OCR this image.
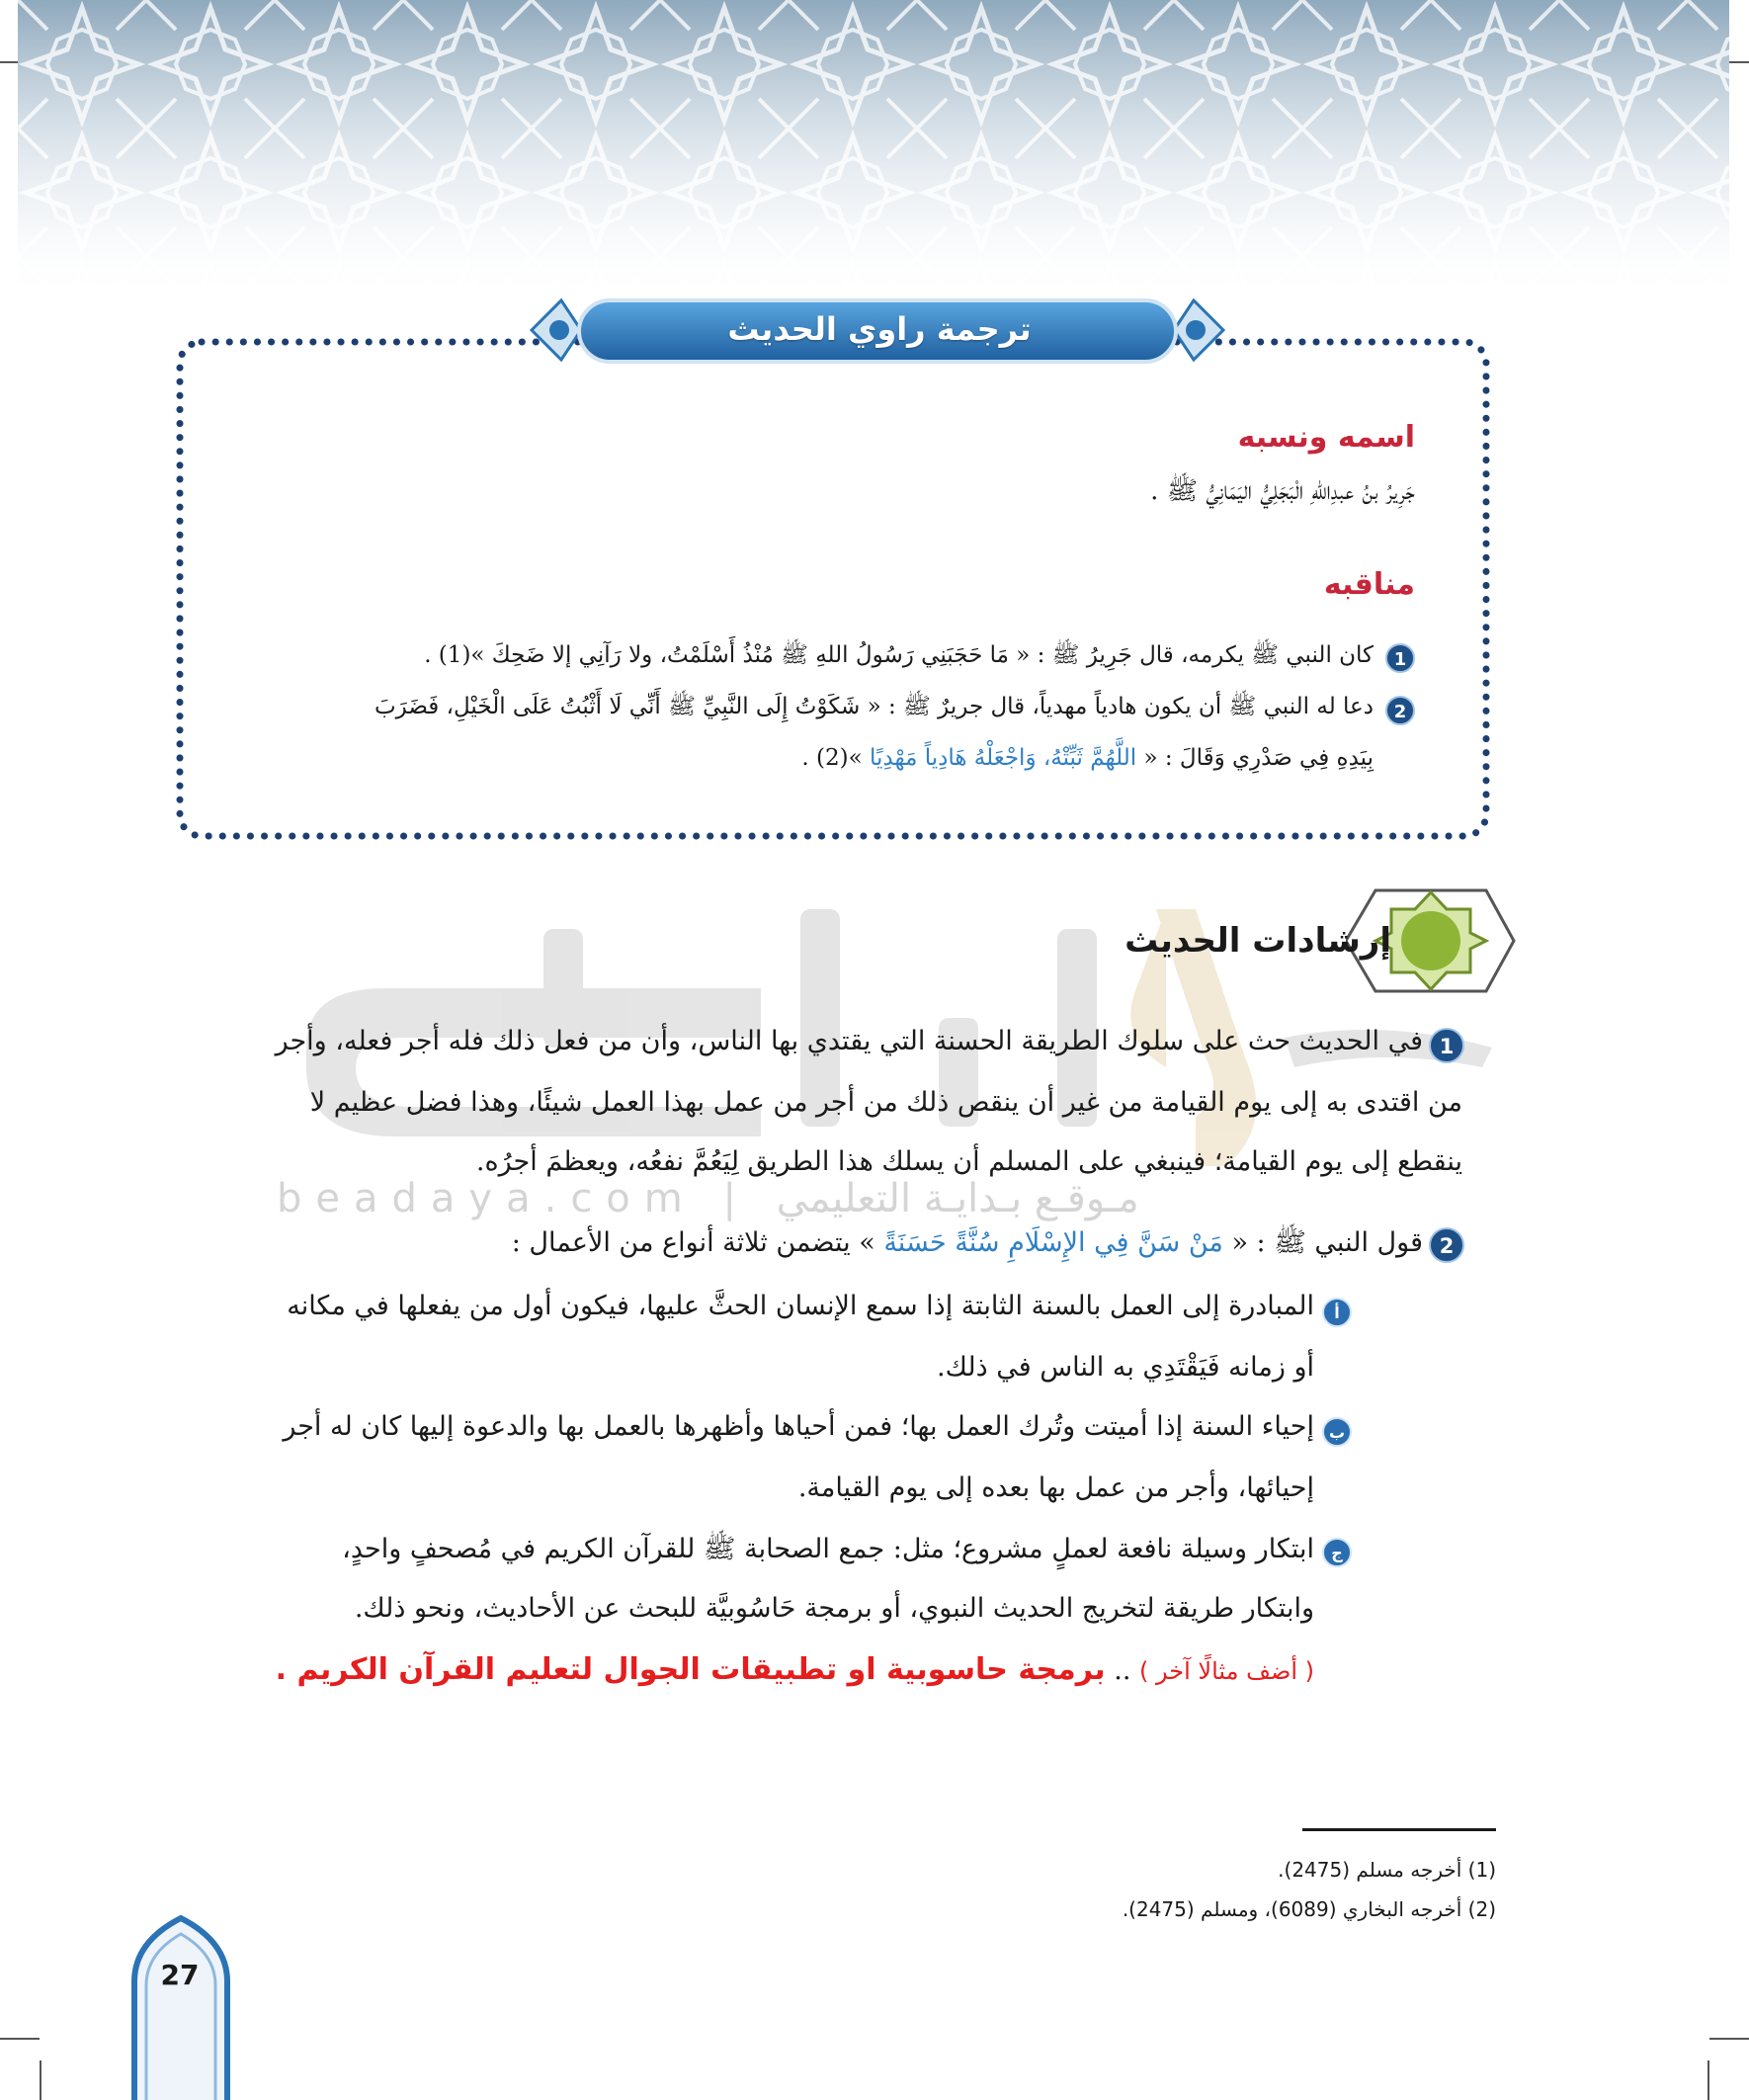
ترجمة راوي الحديث
اسمه ونسبه
جَرِيرُ بنُ عبدِاللهِ الْبَجَلِيُّ اليَمَانِيُّ ﷺ .
مناقبه
1
كان النبي ﷺ يكرمه، قال جَرِيرُ ﷺ : « مَا حَجَبَنِي رَسُولُ اللهِ ﷺ مُنْذُ أَسْلَمْتُ، ولا رَآنِي إلا ضَحِكَ »(1) .
2
دعا له النبي ﷺ أن يكون هادياً مهدياً، قال جريرٌ ﷺ : « شَكَوْتُ إِلَى النَّبِيِّ ﷺ أَنِّي لَا أَثْبُتُ عَلَى الْخَيْلِ، فَضَرَبَ
بِيَدِهِ فِي صَدْرِي وَقَالَ : « اللَّهُمَّ ثَبِّتْهُ، وَاجْعَلْهُ هَادِياً مَهْدِيًا »(2) .
beadaya.com | مـوقـع بـدايـة التعليمي
إرشادات الحديث
1
في الحديث حث على سلوك الطريقة الحسنة التي يقتدي بها الناس، وأن من فعل ذلك فله أجر فعله، وأجر
من اقتدى به إلى يوم القيامة من غير أن ينقص ذلك من أجر من عمل بهذا العمل شيئًا، وهذا فضل عظيم لا
ينقطع إلى يوم القيامة؛ فينبغي على المسلم أن يسلك هذا الطريق لِيَعُمَّ نفعُه، ويعظمَ أجرُه.
2
قول النبي ﷺ : « مَنْ سَنَّ فِي الإِسْلَامِ سُنَّةً حَسَنَةً » يتضمن ثلاثة أنواع من الأعمال :
أ
المبادرة إلى العمل بالسنة الثابتة إذا سمع الإنسان الحثَّ عليها، فيكون أول من يفعلها في مكانه
أو زمانه فَيَقْتَدِي به الناس في ذلك.
ب
إحياء السنة إذا أميتت وتُرك العمل بها؛ فمن أحياها وأظهرها بالعمل بها والدعوة إليها كان له أجر
إحيائها، وأجر من عمل بها بعده إلى يوم القيامة.
ج
ابتكار وسيلة نافعة لعملٍ مشروع؛ مثل: جمع الصحابة ﷺ للقرآن الكريم في مُصحفٍ واحدٍ،
وابتكار طريقة لتخريج الحديث النبوي، أو برمجة حَاسُوبيَّة للبحث عن الأحاديث، ونحو ذلك.
( أضف مثالًا آخر ) .. برمجة حاسوبية او تطبيقات الجوال لتعليم القرآن الكريم .
(1) أخرجه مسلم (2475).
(2) أخرجه البخاري (6089)، ومسلم (2475).
27
